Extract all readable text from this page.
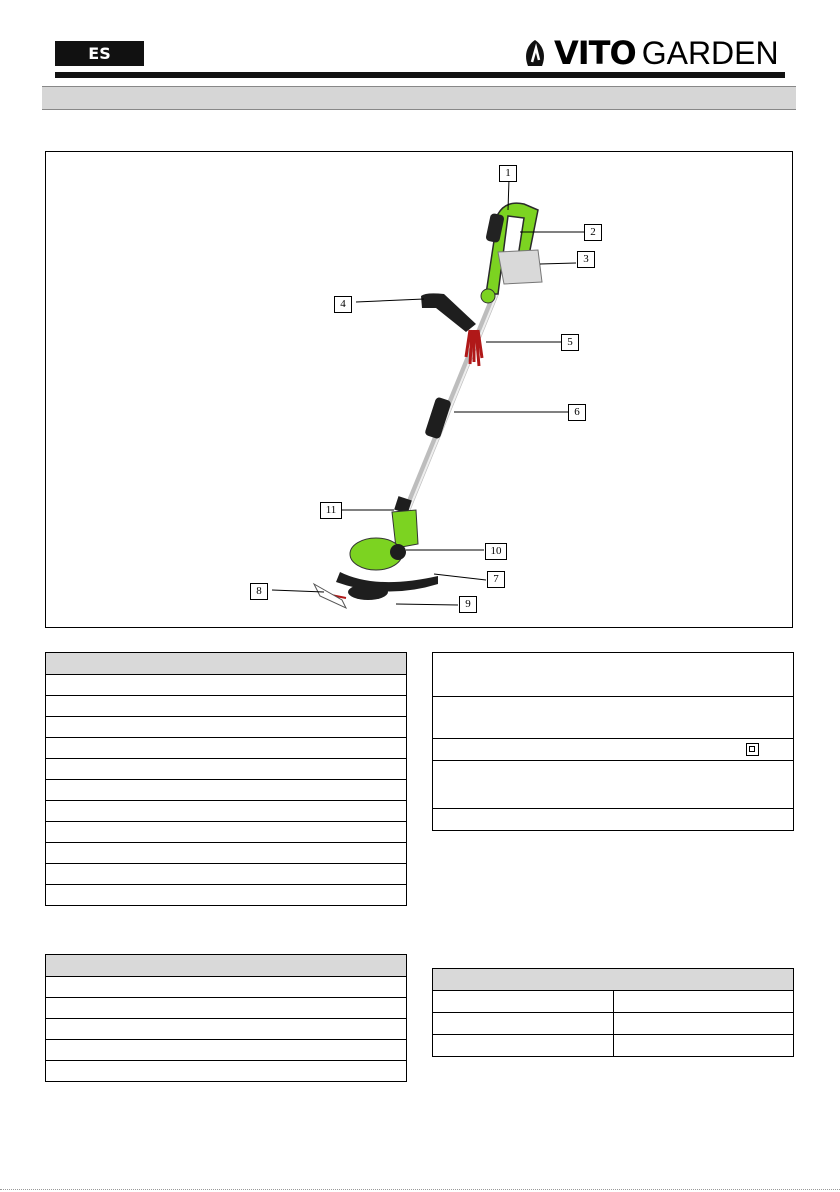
ES	VITO GARDEN
1
2
3
4
5
6
7
8
9
10
11
